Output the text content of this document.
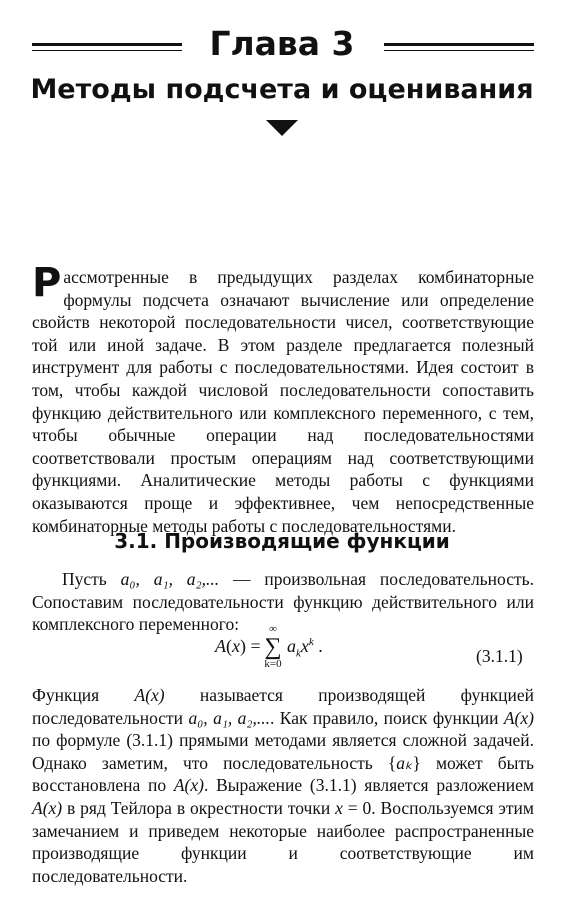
Глава 3
Методы подсчета и оценивания

Рассмотренные в предыдущих разделах комбинаторные формулы подсчета означают вычисление или определение свойств некоторой последовательности чисел, соответствующие той или иной задаче. В этом разделе предлагается полезный инструмент для работы с последовательностями. Идея состоит в том, чтобы каждой числовой последовательности сопоставить функцию действительного или комплексного переменного, с тем, чтобы обычные операции над последовательностями соответствовали простым операциям над соответствующими функциями. Аналитические методы работы с функциями оказываются проще и эффективнее, чем непосредственные комбинаторные методы работы с последовательностями.

3.1. Производящие функции

Пусть a₀, a₁, a₂,... — произвольная последовательность. Сопоставим последовательности функцию действительного или комплексного переменного:

A(x) =
∞
∑
k=0
$a_kx^k$ .	(3.1.1)

Функция A(x) называется производящей функцией последовательности a₀, a₁, a₂,.... Как правило, поиск функции A(x) по формуле (3.1.1) прямыми методами является сложной задачей. Однако заметим, что последовательность {aₖ} может быть восстановлена по A(x). Выражение (3.1.1) является разложением A(x) в ряд Тейлора в окрестности точки x = 0. Воспользуемся этим замечанием и приведем некоторые наиболее распространенные производящие функции и соответствующие им последовательности.
